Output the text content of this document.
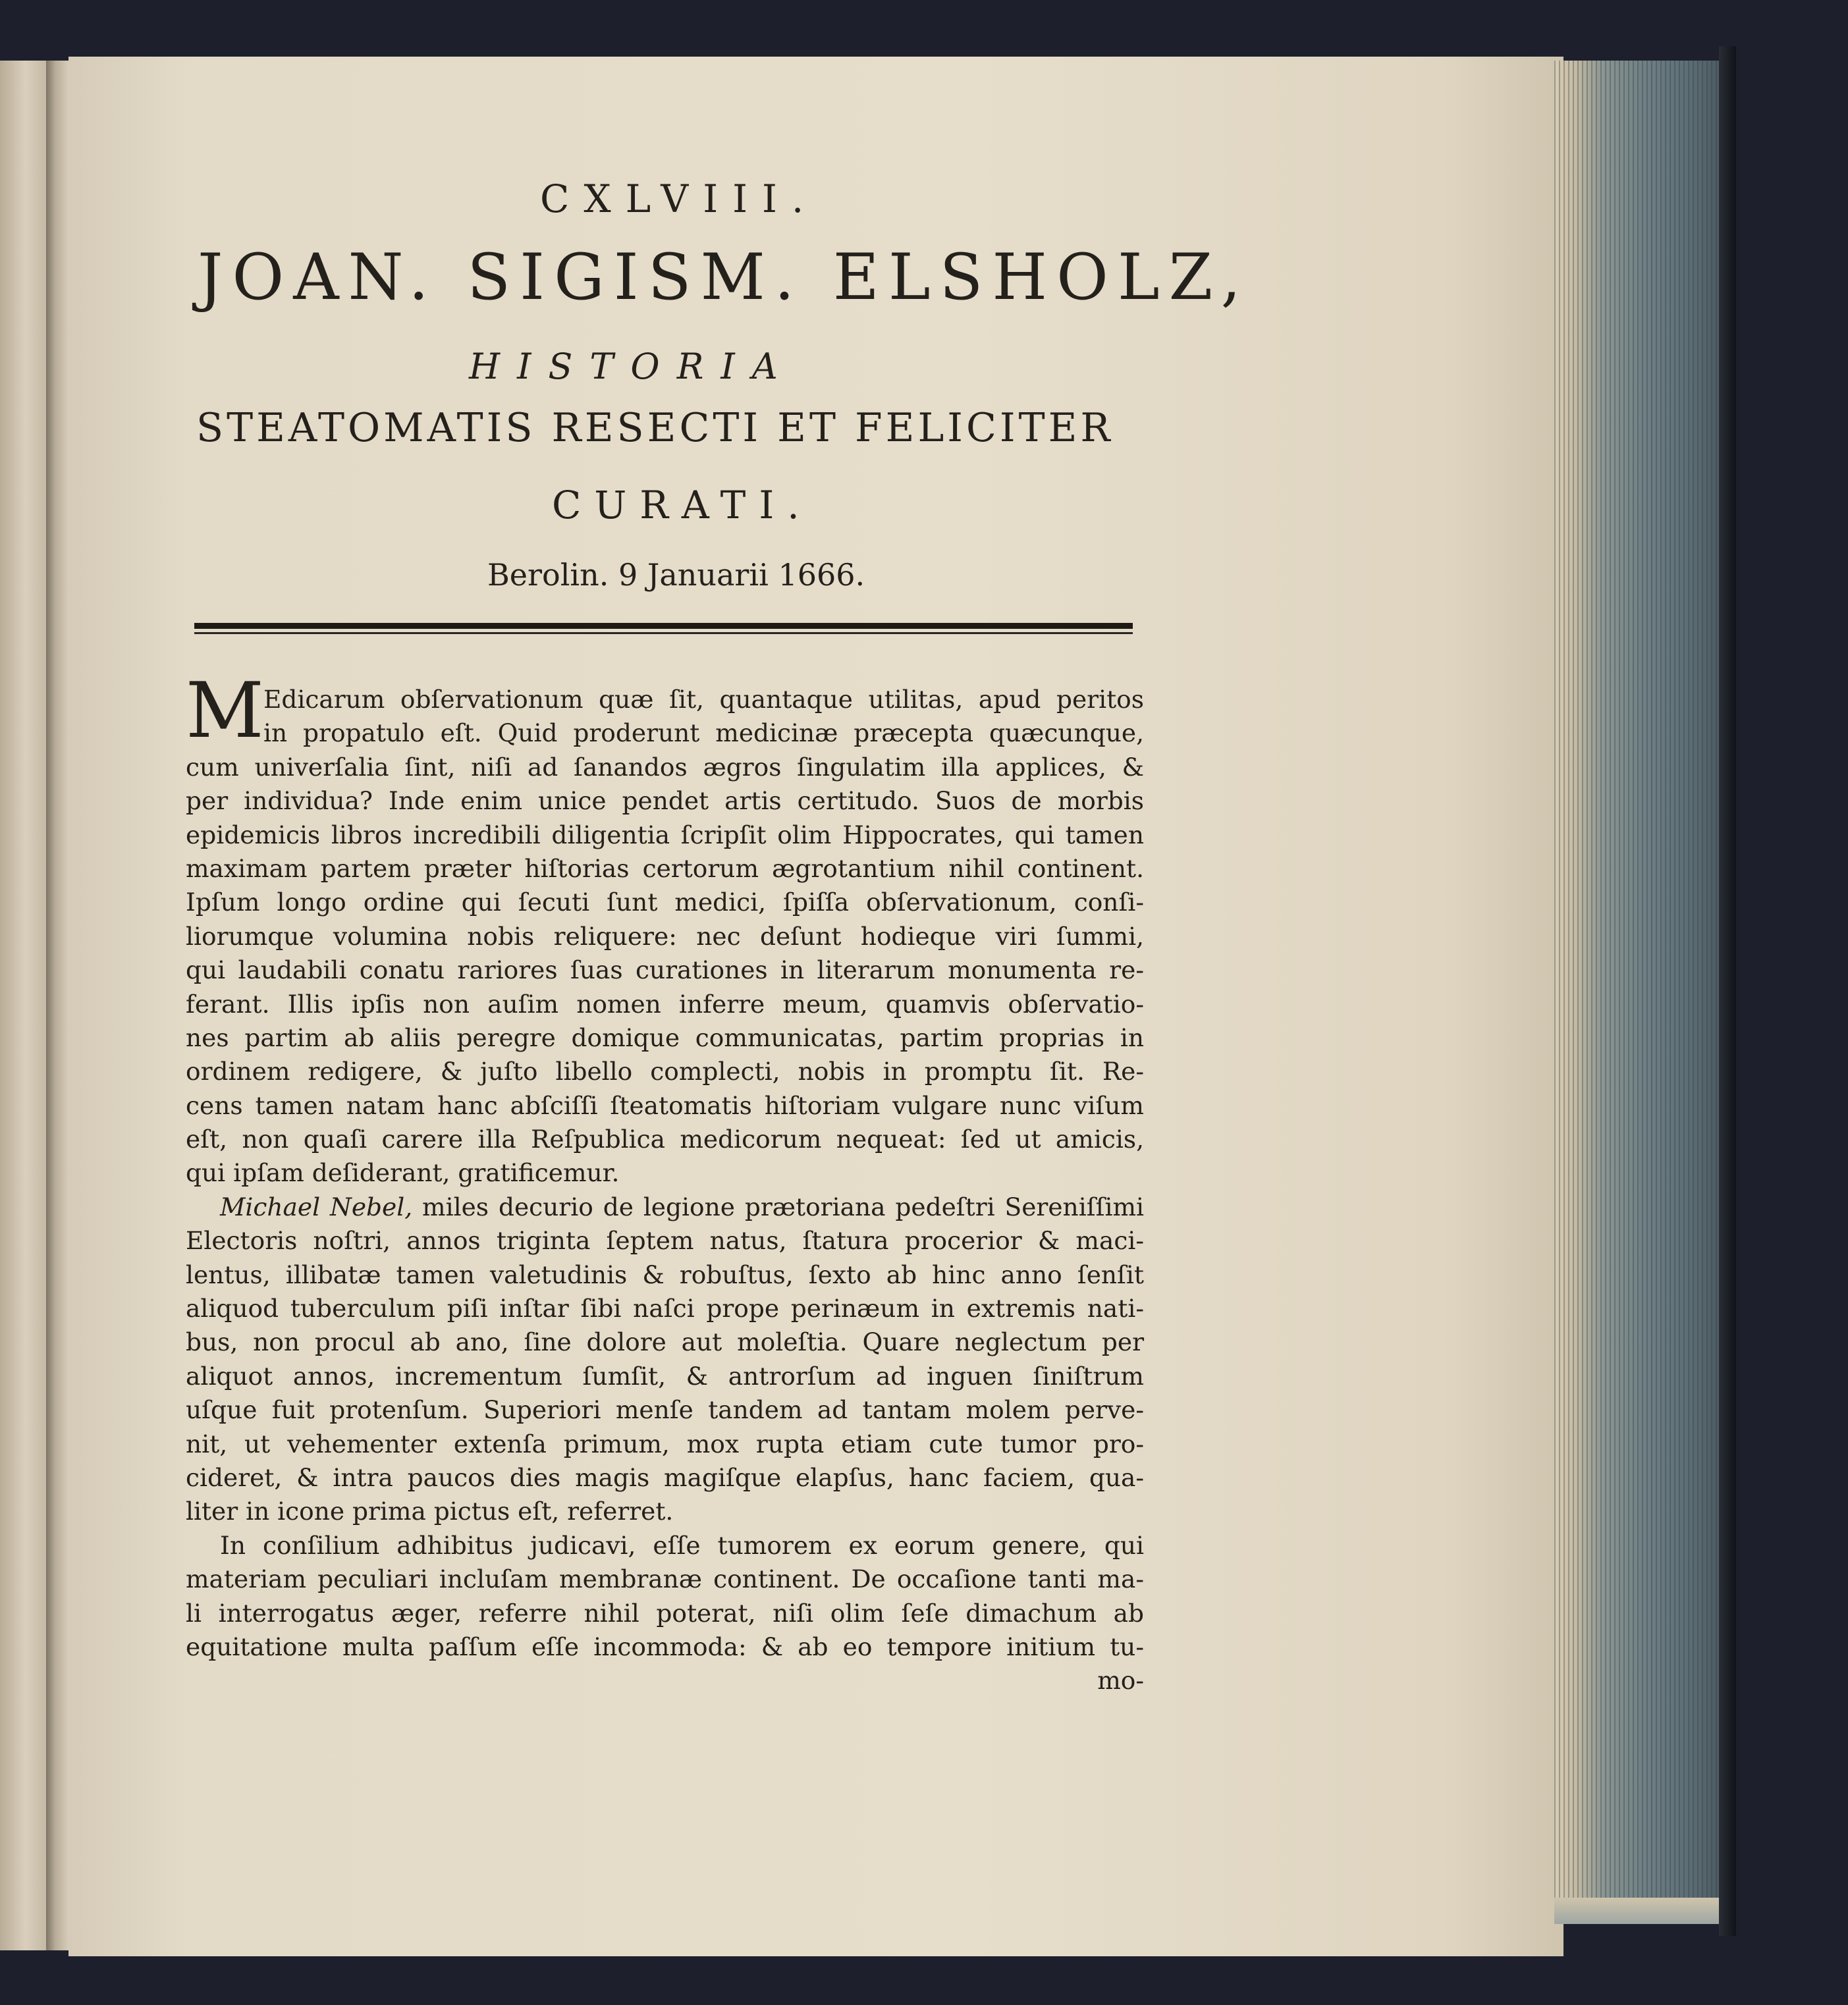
CXLVIII.
JOAN. SIGISM. ELSHOLZ,
HISTORIA
STEATOMATIS RESECTI ET FELICITER
CURATI.
Berolin. 9 Januarii 1666.
M Edicarum obſervationum quæ ſit, quantaque utilitas, apud peritos
in propatulo eſt. Quid proderunt medicinæ præcepta quæcunque,
cum univerſalia ſint, niſi ad ſanandos ægros ſingulatim illa applices, &
per individua? Inde enim unice pendet artis certitudo. Suos de morbis
epidemicis libros incredibili diligentia ſcripſit olim Hippocrates, qui tamen
maximam partem præter hiſtorias certorum ægrotantium nihil continent.
Ipſum longo ordine qui ſecuti ſunt medici, ſpiſſa obſervationum, conſi-
liorumque volumina nobis reliquere: nec deſunt hodieque viri ſummi,
qui laudabili conatu rariores ſuas curationes in literarum monumenta re-
ferant. Illis ipſis non auſim nomen inferre meum, quamvis obſervatio-
nes partim ab aliis peregre domique communicatas, partim proprias in
ordinem redigere, & juſto libello complecti, nobis in promptu ſit. Re-
cens tamen natam hanc abſciſſi ſteatomatis hiſtoriam vulgare nunc viſum
eſt, non quaſi carere illa Reſpublica medicorum nequeat: ſed ut amicis,
qui ipſam deſiderant, gratificemur.
Michael Nebel, miles decurio de legione prætoriana pedeſtri Sereniſſimi
Electoris noſtri, annos triginta ſeptem natus, ſtatura procerior & maci-
lentus, illibatæ tamen valetudinis & robuſtus, ſexto ab hinc anno ſenſit
aliquod tuberculum piſi inſtar ſibi naſci prope perinæum in extremis nati-
bus, non procul ab ano, ſine dolore aut moleſtia. Quare neglectum per
aliquot annos, incrementum ſumſit, & antrorſum ad inguen ſiniſtrum
uſque fuit protenſum. Superiori menſe tandem ad tantam molem perve-
nit, ut vehementer extenſa primum, mox rupta etiam cute tumor pro-
cideret, & intra paucos dies magis magiſque elapſus, hanc faciem, qua-
liter in icone prima pictus eſt, referret.
In conſilium adhibitus judicavi, eſſe tumorem ex eorum genere, qui
materiam peculiari incluſam membranæ continent. De occaſione tanti ma-
li interrogatus æger, referre nihil poterat, niſi olim ſeſe dimachum ab
equitatione multa paſſum eſſe incommoda: & ab eo tempore initium tu-
mo-
